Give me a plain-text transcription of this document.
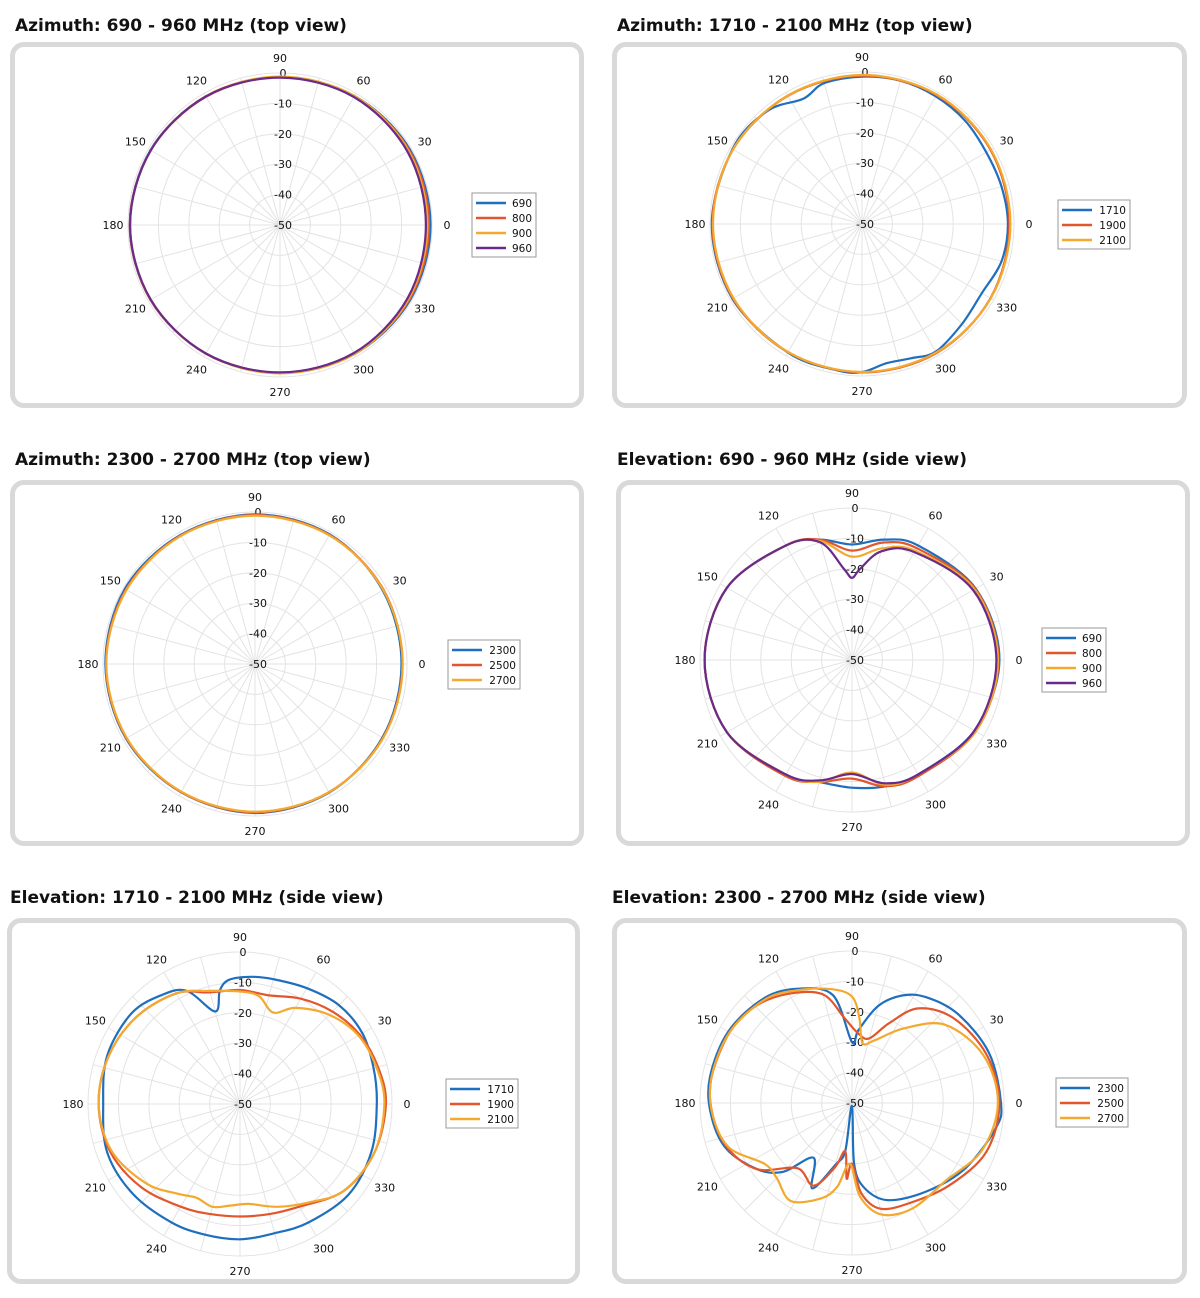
Azimuth: 690 - 960 MHz (top view)	Azimuth: 1710 - 2100 MHz (top view)
Azimuth: 2300 - 2700 MHz (top view)	Elevation: 690 - 960 MHz (side view)
Elevation: 1710 - 2100 MHz (side view)	Elevation: 2300 - 2700 MHz (side view)
0
30
60
90
120
150
180
210
240
270
300
330
0
-10
-20
-30
-40
-50
690
800
900
960
0
30
60
90
120
150
180
210
240
270
300
330
0
-10
-20
-30
-40
-50
1710
1900
2100
0
30
60
90
120
150
180
210
240
270
300
330
0
-10
-20
-30
-40
-50
2300
2500
2700
0
30
60
90
120
150
180
210
240
270
300
330
0
-10
-20
-30
-40
-50
690
800
900
960
0
30
60
90
120
150
180
210
240
270
300
330
0
-10
-20
-30
-40
-50
1710
1900
2100
0
30
60
90
120
150
180
210
240
270
300
330
0
-10
-20
-30
-40
-50
2300
2500
2700
